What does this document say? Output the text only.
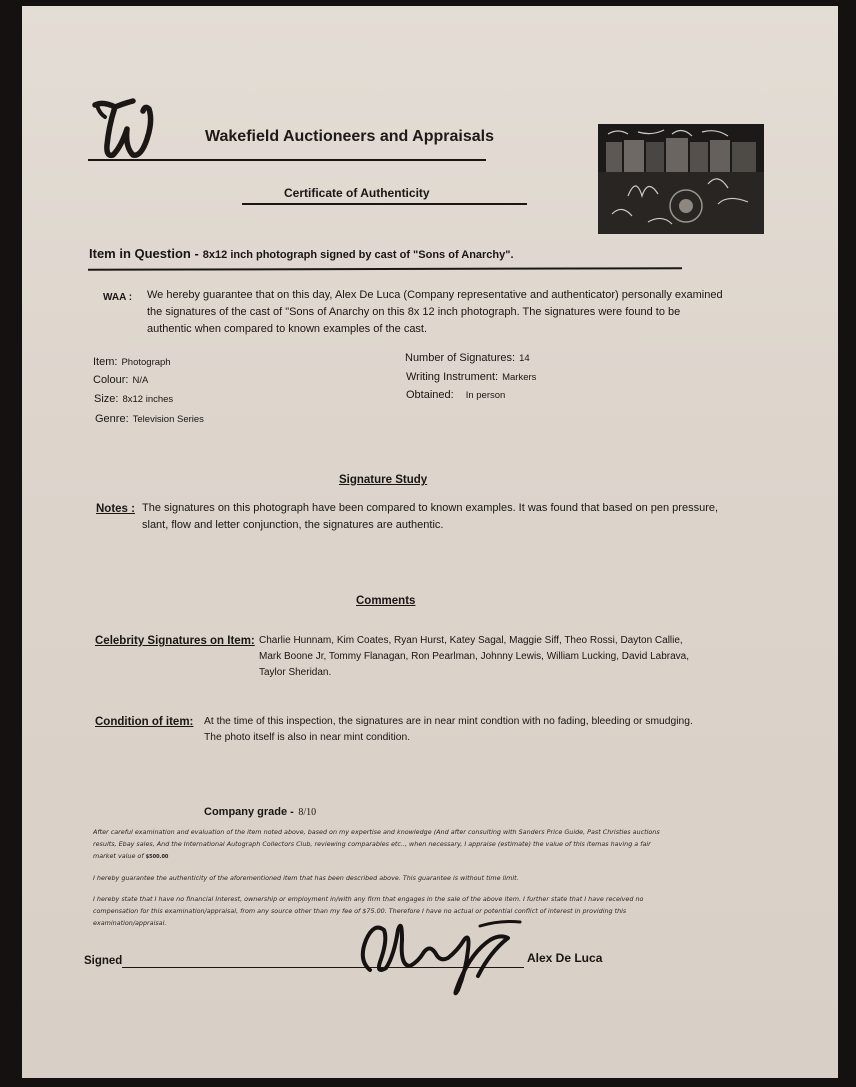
Wakefield Auctioneers and Appraisals
Certificate of Authenticity
Item in Question - 8x12 inch photograph signed by cast of "Sons of Anarchy".
WAA : We hereby guarantee that on this day, Alex De Luca (Company representative and authenticator) personally examined the signatures of the cast of "Sons of Anarchy on this 8x 12 inch photograph. The signatures were found to be authentic when compared to known examples of the cast.
Item: Photograph
Colour: N/A
Size: 8x12 inches
Genre: Television Series
Number of Signatures: 14
Writing Instrument: Markers
Obtained: In person
Signature Study
Notes : The signatures on this photograph have been compared to known examples. It was found that based on pen pressure, slant, flow and letter conjunction, the signatures are authentic.
Comments
Celebrity Signatures on Item: Charlie Hunnam, Kim Coates, Ryan Hurst, Katey Sagal, Maggie Siff, Theo Rossi, Dayton Callie, Mark Boone Jr, Tommy Flanagan, Ron Pearlman, Johnny Lewis, William Lucking, David Labrava, Taylor Sheridan.
Condition of item: At the time of this inspection, the signatures are in near mint condtion with no fading, bleeding or smudging. The photo itself is also in near mint condition.
Company grade - 8/10
After careful examination and evaluation of the item noted above, based on my expertise and knowledge (And after consulting with Sanders Price Guide, Past Christies auctions results, Ebay sales, And the International Autograph Collectors Club, reviewing comparables etc.., when necessary, I appraise (estimate) the value of this itemas having a fair market value of $500.00
I hereby guarantee the authenticity of the aforementioned item that has been described above. This guarantee is without time limit.
I hereby state that I have no financial Interest, ownership or employment in/with any firm that engages in the sale of the above item. I further state that I have received no compensation for this examination/appraisal, from any source other than my fee of $75.00. Therefore I have no actual or potential conflict of interest in providing this examination/appraisal.
Signed	Alex De Luca
